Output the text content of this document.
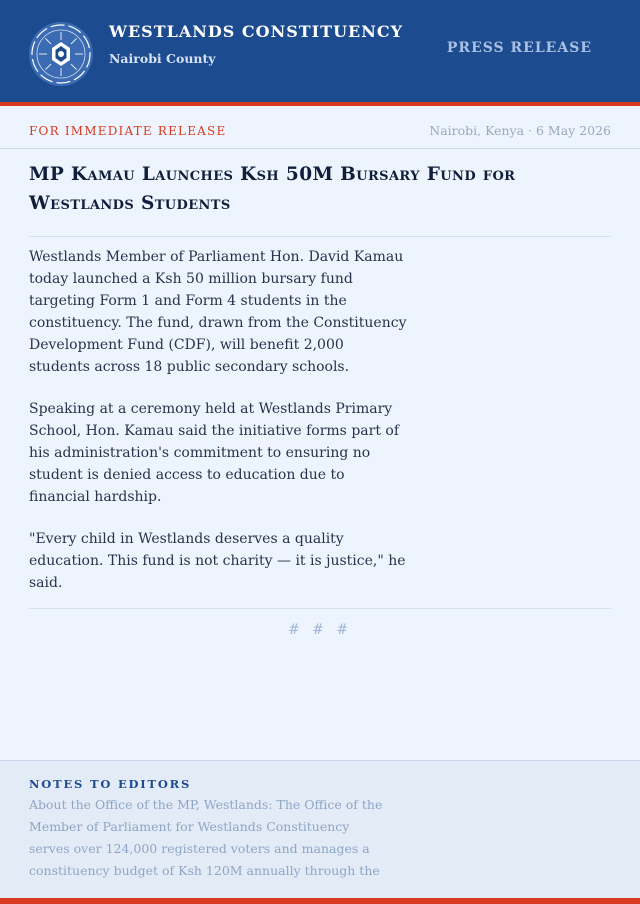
WESTLANDS CONSTITUENCY
Nairobi County
PRESS RELEASE
FOR IMMEDIATE RELEASE	Nairobi, Kenya · 6 May 2026
MP Kamau Launches Ksh 50M Bursary Fund for Westlands Students

Westlands Member of Parliament Hon. David Kamau today launched a Ksh 50 million bursary fund targeting Form 1 and Form 4 students in the constituency. The fund, drawn from the Constituency Development Fund (CDF), will benefit 2,000 students across 18 public secondary schools.

Speaking at a ceremony held at Westlands Primary School, Hon. Kamau said the initiative forms part of his administration's commitment to ensuring no student is denied access to education due to financial hardship.

"Every child in Westlands deserves a quality education. This fund is not charity — it is justice," he said.

# # #
NOTES TO EDITORS
About the Office of the MP, Westlands: The Office of the Member of Parliament for Westlands Constituency serves over 124,000 registered voters and manages a constituency budget of Ksh 120M annually through the
